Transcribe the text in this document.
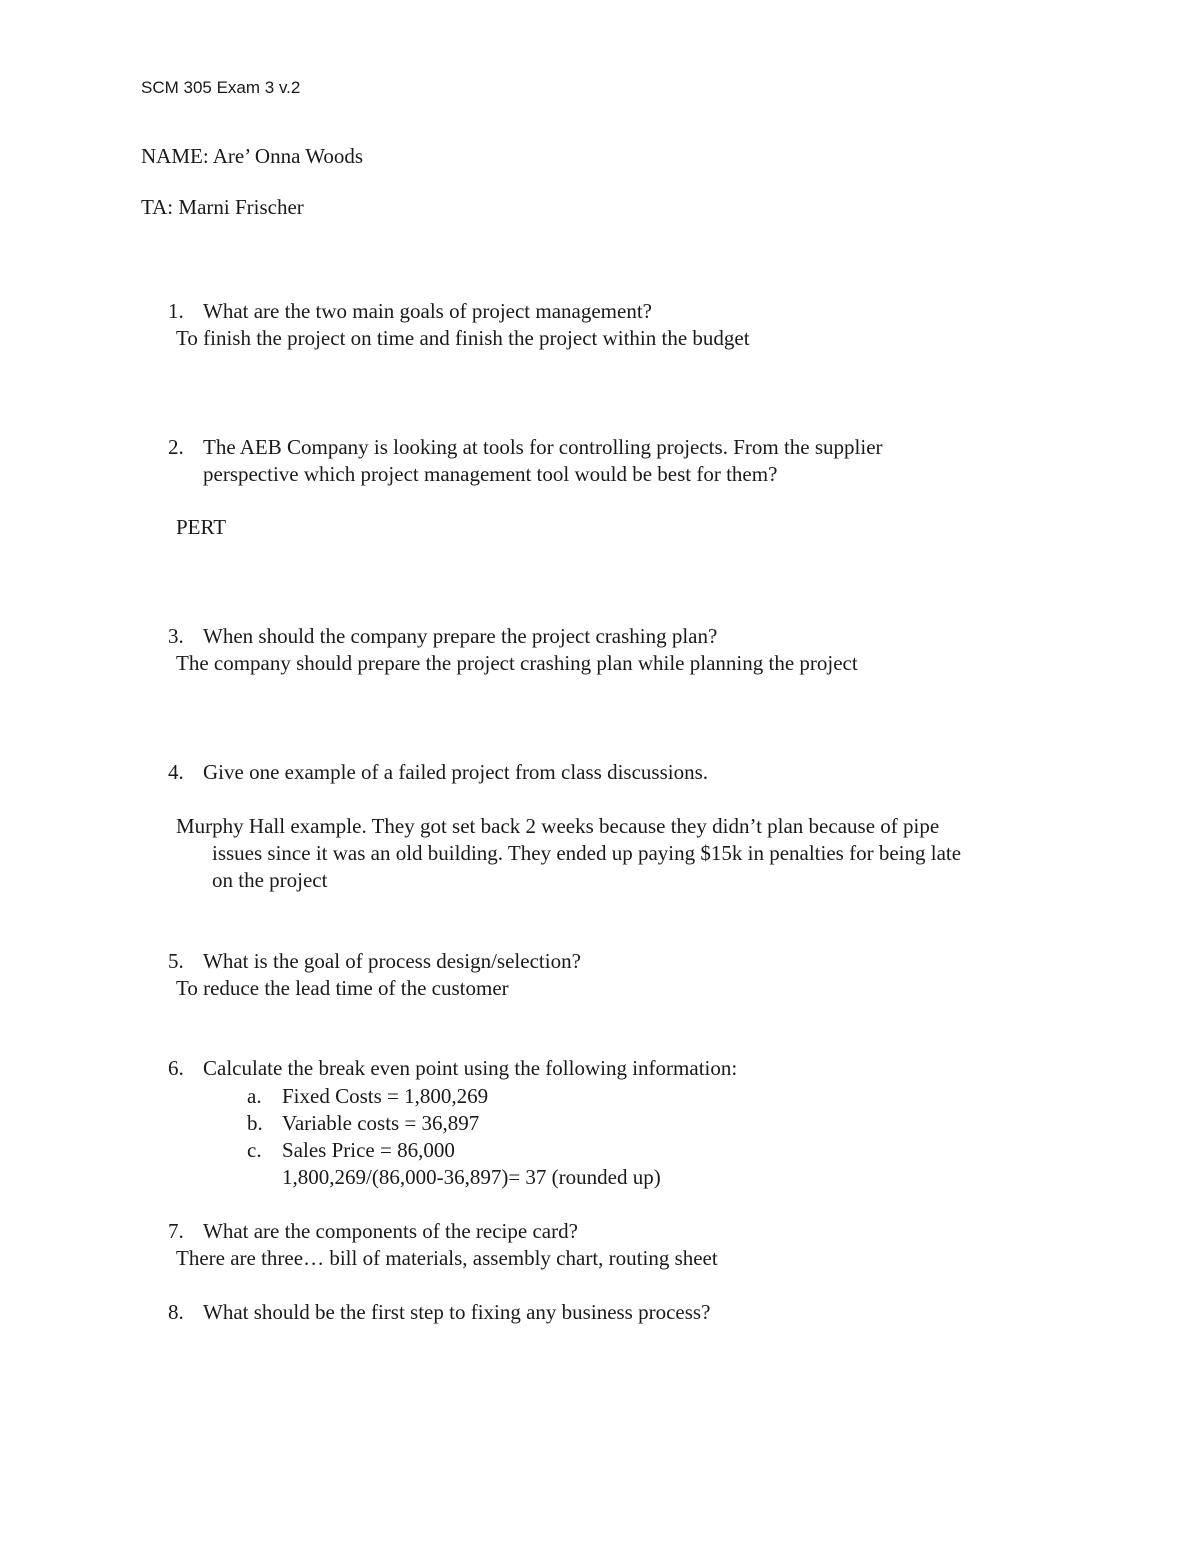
SCM 305 Exam 3 v.2
NAME: Are’ Onna Woods
TA: Marni Frischer
1. What are the two main goals of project management?
To finish the project on time and finish the project within the budget
2. The AEB Company is looking at tools for controlling projects. From the supplier
perspective which project management tool would be best for them?
PERT
3. When should the company prepare the project crashing plan?
The company should prepare the project crashing plan while planning the project
4. Give one example of a failed project from class discussions.
Murphy Hall example. They got set back 2 weeks because they didn’t plan because of pipe
issues since it was an old building. They ended up paying $15k in penalties for being late
on the project
5. What is the goal of process design/selection?
To reduce the lead time of the customer
6. Calculate the break even point using the following information:
a. Fixed Costs = 1,800,269
b. Variable costs = 36,897
c. Sales Price = 86,000
1,800,269/(86,000-36,897)= 37 (rounded up)
7. What are the components of the recipe card?
There are three… bill of materials, assembly chart, routing sheet
8. What should be the first step to fixing any business process?
